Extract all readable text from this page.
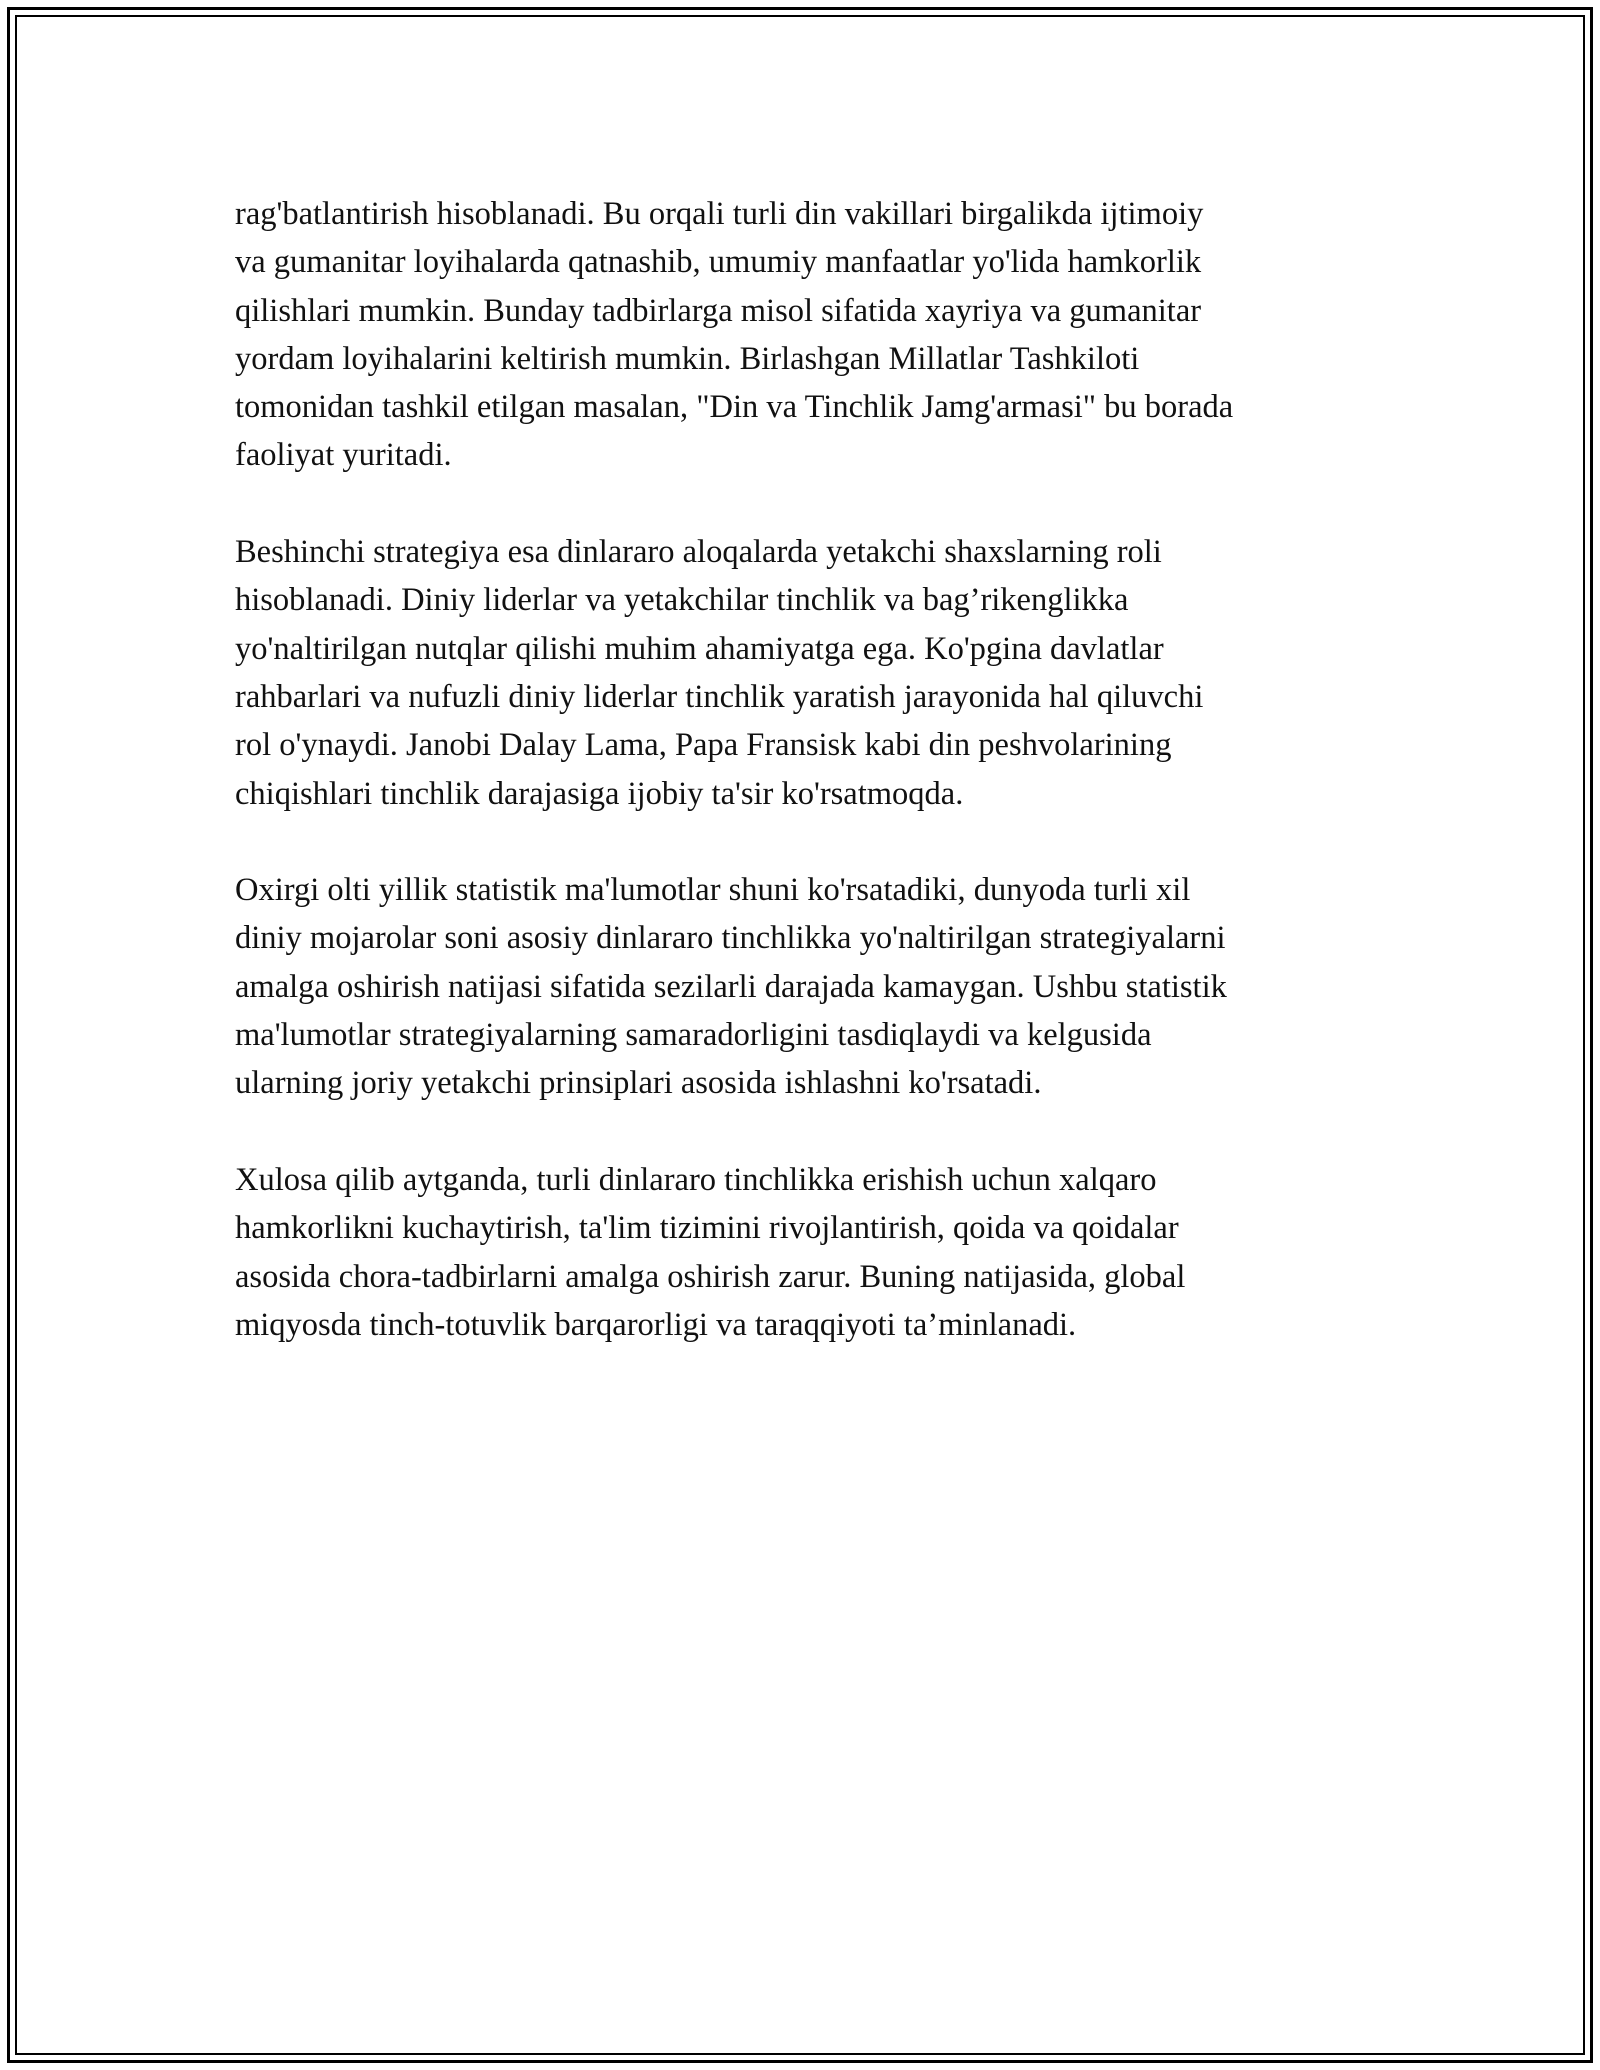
rag'batlantirish hisoblanadi. Bu orqali turli din vakillari birgalikda ijtimoiy
va gumanitar loyihalarda qatnashib, umumiy manfaatlar yo'lida hamkorlik
qilishlari mumkin. Bunday tadbirlarga misol sifatida xayriya va gumanitar
yordam loyihalarini keltirish mumkin. Birlashgan Millatlar Tashkiloti
tomonidan tashkil etilgan masalan, "Din va Tinchlik Jamg'armasi" bu borada
faoliyat yuritadi.

Beshinchi strategiya esa dinlararo aloqalarda yetakchi shaxslarning roli
hisoblanadi. Diniy liderlar va yetakchilar tinchlik va bag’rikenglikka
yo'naltirilgan nutqlar qilishi muhim ahamiyatga ega. Ko'pgina davlatlar
rahbarlari va nufuzli diniy liderlar tinchlik yaratish jarayonida hal qiluvchi
rol o'ynaydi. Janobi Dalay Lama, Papa Fransisk kabi din peshvolarining
chiqishlari tinchlik darajasiga ijobiy ta'sir ko'rsatmoqda.

Oxirgi olti yillik statistik ma'lumotlar shuni ko'rsatadiki, dunyoda turli xil
diniy mojarolar soni asosiy dinlararo tinchlikka yo'naltirilgan strategiyalarni
amalga oshirish natijasi sifatida sezilarli darajada kamaygan. Ushbu statistik
ma'lumotlar strategiyalarning samaradorligini tasdiqlaydi va kelgusida
ularning joriy yetakchi prinsiplari asosida ishlashni ko'rsatadi.

Xulosa qilib aytganda, turli dinlararo tinchlikka erishish uchun xalqaro
hamkorlikni kuchaytirish, ta'lim tizimini rivojlantirish, qoida va qoidalar
asosida chora-tadbirlarni amalga oshirish zarur. Buning natijasida, global
miqyosda tinch-totuvlik barqarorligi va taraqqiyoti ta’minlanadi.
